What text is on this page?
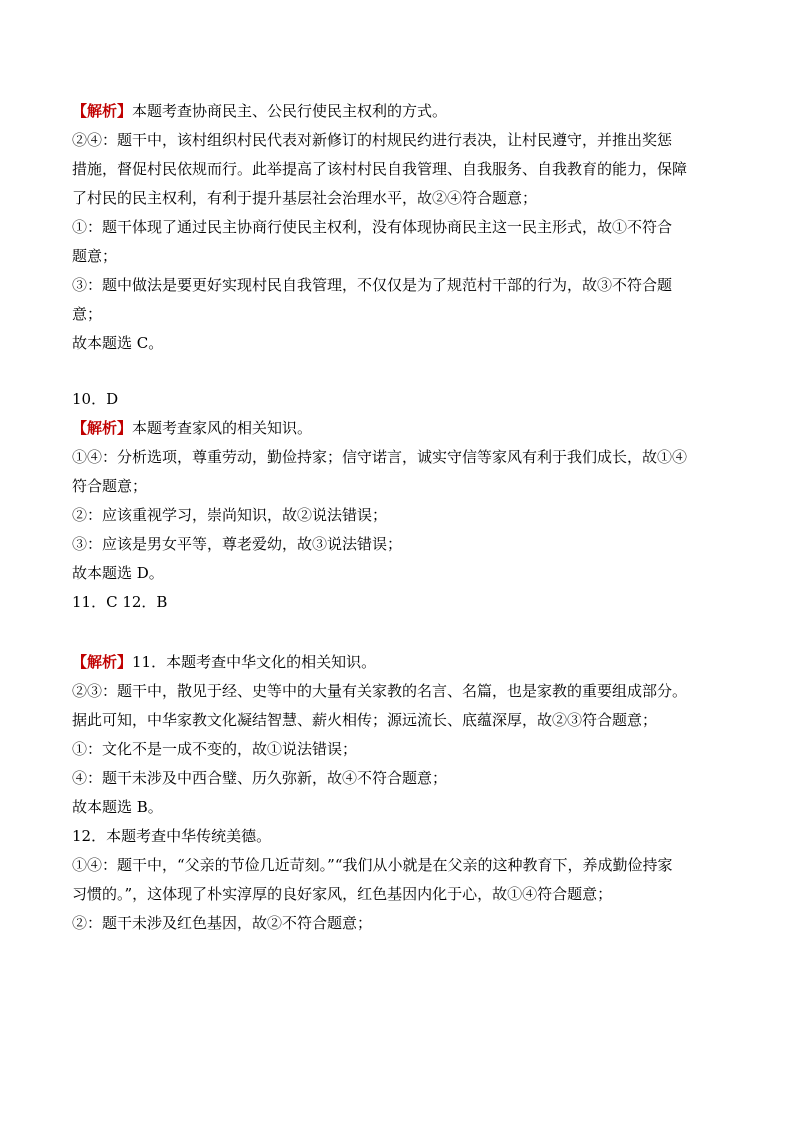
【解析】本题考查协商民主、公民行使民主权利的方式。
②④：题干中，该村组织村民代表对新修订的村规民约进行表决，让村民遵守，并推出奖惩
措施，督促村民依规而行。此举提高了该村村民自我管理、自我服务、自我教育的能力，保障
了村民的民主权利，有利于提升基层社会治理水平，故②④符合题意；
①：题干体现了通过民主协商行使民主权利，没有体现协商民主这一民主形式，故①不符合
题意；
③：题中做法是要更好实现村民自我管理，不仅仅是为了规范村干部的行为，故③不符合题
意；
故本题选 C。
10．D
【解析】本题考查家风的相关知识。
①④：分析选项，尊重劳动，勤俭持家；信守诺言，诚实守信等家风有利于我们成长，故①④
符合题意；
②：应该重视学习，崇尚知识，故②说法错误；
③：应该是男女平等，尊老爱幼，故③说法错误；
故本题选 D。
11．C 12．B
【解析】11．本题考查中华文化的相关知识。
②③：题干中，散见于经、史等中的大量有关家教的名言、名篇，也是家教的重要组成部分。
据此可知，中华家教文化凝结智慧、薪火相传；源远流长、底蕴深厚，故②③符合题意；
①：文化不是一成不变的，故①说法错误；
④：题干未涉及中西合璧、历久弥新，故④不符合题意；
故本题选 B。
12．本题考查中华传统美德。
①④：题干中，“父亲的节俭几近苛刻。”“我们从小就是在父亲的这种教育下，养成勤俭持家
习惯的。”，这体现了朴实淳厚的良好家风，红色基因内化于心，故①④符合题意；
②：题干未涉及红色基因，故②不符合题意；
